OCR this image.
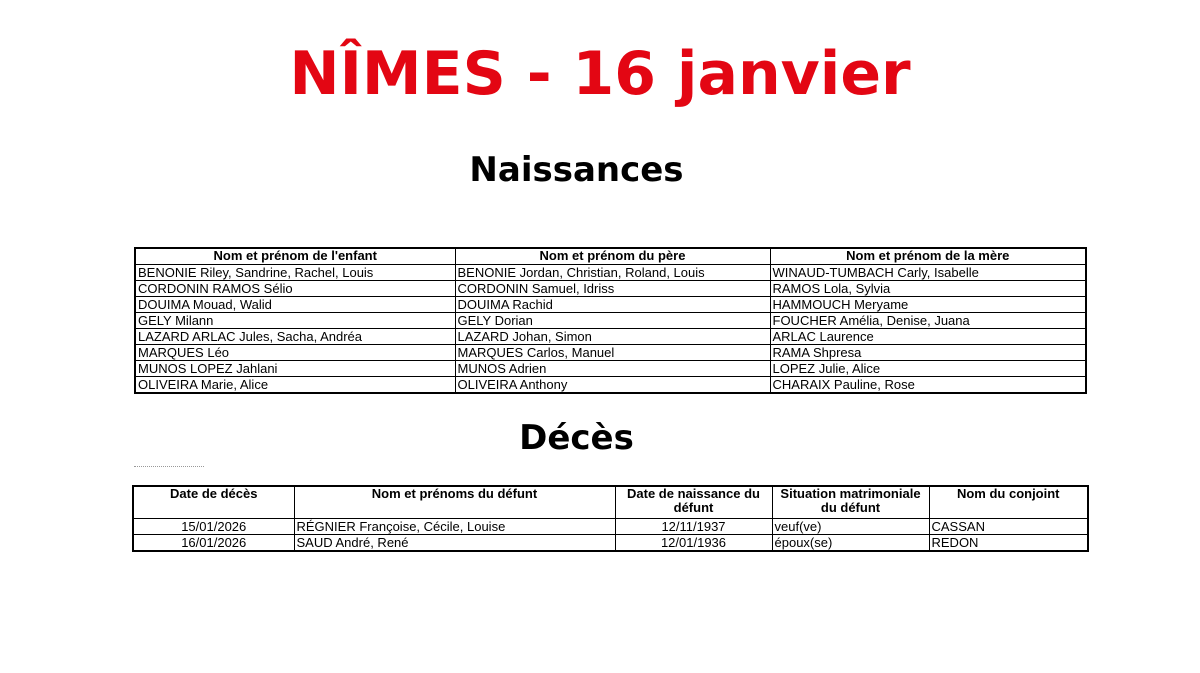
NÎMES - 16 janvier
Naissances
Nom et prénom de l'enfant	Nom et prénom du père	Nom et prénom de la mère
BENONIE Riley, Sandrine, Rachel, Louis	BENONIE Jordan, Christian, Roland, Louis	WINAUD-TUMBACH Carly, Isabelle
CORDONIN RAMOS Sélio	CORDONIN Samuel, Idriss	RAMOS Lola, Sylvia
DOUIMA Mouad, Walid	DOUIMA Rachid	HAMMOUCH Meryame
GELY Milann	GELY Dorian	FOUCHER Amélia, Denise, Juana
LAZARD ARLAC Jules, Sacha, Andréa	LAZARD Johan, Simon	ARLAC Laurence
MARQUES Léo	MARQUES Carlos, Manuel	RAMA Shpresa
MUNOS LOPEZ Jahlani	MUNOS Adrien	LOPEZ Julie, Alice
OLIVEIRA Marie, Alice	OLIVEIRA Anthony	CHARAIX Pauline, Rose
Décès
Date de décès	Nom et prénoms du défunt	Date de naissance du défunt	Situation matrimoniale du défunt	Nom du conjoint
15/01/2026	RÉGNIER Françoise, Cécile, Louise	12/11/1937	veuf(ve)	CASSAN
16/01/2026	SAUD André, René	12/01/1936	époux(se)	REDON
